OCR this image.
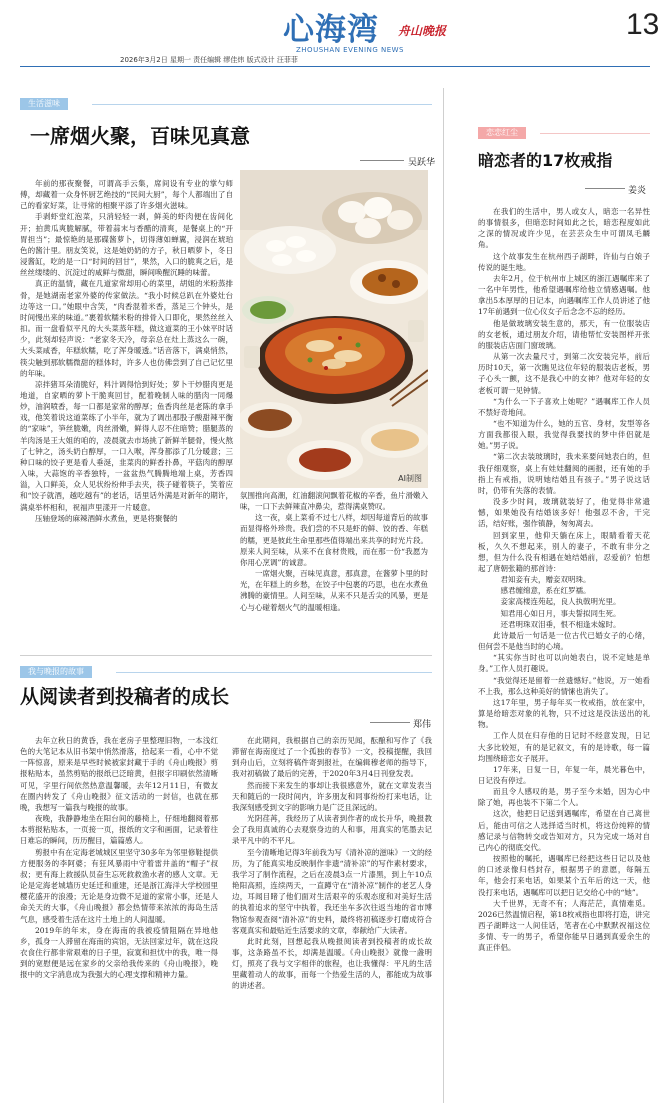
心海湾
ZHOUSHAN EVENING NEWS
舟山晚报	13
2026年3月2日 星期一 责任编辑 缪佳炜 版式设计 汪菲菲
生活滋味
一席烟火聚，百味见真意
吴跃华

年前的那夜聚餐，可谓高手云集，席间设有专业的掌勺师傅，却藏着一众身怀厨艺绝技的“民间大厨”，每个人都端出了自己的看家好菜，让寻常的相聚平添了许多烟火滋味。

手剥虾堂红泡菜，只消轻轻一剥，鲜美的虾肉便在齿间化开；拍黄瓜爽脆解腻，带着蒜末与香醋的清爽，是餐桌上的“开胃担当”；最惊艳的是那碟酱萝卜，切得薄如蝉翼，浸润在琥珀色的酱汁里。朋友笑说，这是她奶奶的方子，秋日晒萝卜，冬日浸酱缸，吃的是一口“时间的回甘”，果然，入口的脆爽之后，是丝丝缕缕的、沉淀过的咸鲜与微甜，瞬间唤醒沉睡的味蕾。

真正的温情，藏在几道家常却用心的菜里，胡姐的米粉蒸排骨，是她湖南老家外婆的传家做法。“我小时候总趴在外婆灶台边等这一口。”她眼中含笑，“肉香混着米香，蒸足三个钟头，是时间慢出来的味道。”裹着软糯米粉的排骨入口即化，果然丝丝入扣。而一盘看似平凡的大头菜蒸年糕，做这道菜的王小妹平时话少，此刻却轻声说：“老家冬天冷，母亲总在灶上蒸这么一碗，大头菜咸香，年糕软糯，吃了浑身暖透。”话音落下，满桌悄然，筷尖触到那软糯微甜的糕体时，许多人也仿佛尝到了自己记忆里的年味。

凉拌猪耳朵清脆好，料汁调得恰到好处；萝卜干炒腊肉更是地道，自家晒的萝卜干脆爽回甘，配着晚制人味的腊肉一同爆炒，油润喷香，每一口都是家常的醇厚；鱼香肉丝是老陈的拿手戏，他笑着说这道菜练了小半年，就为了调出那股子酸甜辣平衡的“家味”，笋丝脆嫩，肉丝滑嫩，鲜得人忍不住暗赞；腊腿蒸的羊肉汤是王大姐的咱的，凌晨就去市场挑了新鲜羊腿骨，慢火熬了七钟之，汤头奶白醇厚，一口入喉，浑身都添了几分暖意；三种口味的饺子更是看人垂涎，韭菜肉的鲜香扑鼻，平菇肉的醇厚入味，大蒜饱的辛香独特，一盆盆热气腾腾地端上桌，芳香四溢，入口鲜美，众人见状纷纷伸手去夹，筷子碰着筷子，笑着应和“饺子就酒，越吃越有”的老话，话里话外满是对新年的期许，满桌举杯相和，祝福声里漾开一片暖意。

压轴登场的麻辣酒鲜水煮鱼，更是将聚餐的

AI制图

氛围推向高潮，红油翻滚间飘着花椒的辛香，鱼片滑嫩入味，一口下去鲜辣直冲鼻尖，惹得满桌赞叹。

这一夜，桌上菜肴不过七八样，却因每道背后的故事而显得格外珍贵。我们尝的不只是虾的鲜、饺的香、年糕的糯，更是彼此生命里那些值得端出来共享的时光片段。原来人间至味，从来不在食材贵贱，而在那一份“我愿为你用心烹调”的诚意。

一席烟火聚，百味见真意，那真意，在酱萝卜里的时光，在年糕上的乡愁，在饺子中包裹的巧思，也在水煮鱼沸腾的豪情里。人间至味，从来不只是舌尖的风暴，更是心与心碰着烟火气的温暖相逢。

恋恋红尘
暗恋者的17枚戒指
姜炎

在我们的生活中，男人或女人，暗恋一名异性的事情很多，但暗恋时间如此之长，暗恋程度如此之深的情况或许少见，在芸芸众生中可谓凤毛麟角。

这个故事发生在杭州西子湖畔，许仙与白娘子传说的诞生地。

去年2月，位于杭州市上城区的浙江遇嘱库来了一名中年男性，他希望遇嘱库给他立情感遇嘱。他拿出5本厚厚的日记本，向遇嘱库工作人员讲述了他17年前遇到一位心仪女子后念念不忘的经历。

他是做玻璃安装生意的，那天，有一位服装店的女老板，通过朋友介绍，请他帮忙安装图样开张的服装店店面门窗玻璃。

从第一次去量尺寸，到第二次安装完毕，前后历时10天，第一次瞧见这位年轻的服装店老板，男子心头一颤，这不是我心中的女神？他对年轻的女老板可谓一见钟情。

“为什么一下子喜欢上她呢？”遇嘱库工作人员不禁好奇地问。

“也不知道为什么，她的五官、身材，发型等各方面我都很入眼，我觉得我要找的梦中伴侣就是她。”男子说。

“第二次去装玻璃时，我未来要问她表白的，但我仔细观察，桌上有娃娃翻阅的画报，还有她的手指上有戒指，说明她结婚且有孩子。”男子说这话时，仍带有失落的表情。

没多少时间，玻璃就装好了，他觉得非常遗憾，如果她没有结婚该多好！他强忍不舍，干完活，结好账，强作镇静，匆匆离去。

回到家里，他仰天躺在床上，眼睛看着天花板，久久不想起来，别人的妻子，不敢有非分之想，但为什么没有相遇在她结婚前，忍爱前？怕想起了唐朝张籍的那首诗：

君知妾有夫，赠妾双明珠。

感君缠绵意，系在红罗襦。

妾家高楼连苑起，良人执戟明光里。

知君用心如日月，事夫誓拟同生死。

还君明珠双泪垂，恨不相逢未嫁时。

此诗最后一句话是一位古代已婚女子的心绪，但何尝不是他当时的心境。

“其实你当时也可以向她表白，说不定她是单身。”工作人员打趣说。

“我觉得还是留着一丝遗憾好。”他说，万一她看不上我，那么这种美好的情愫也消失了。

这17年里，男子每年买一枚戒指，放在家中，算是给暗恋对象的礼物，只不过这是没法送出的礼物。

工作人员在归存他的日记时不经意发现，日记大多比较短，有的是记叙文，有的是诗歌，每一篇均围绕暗恋女子展开。

17年来，日复一日，年复一年，晨光暮色中，日记没有停过。

而且令人感叹的是，男子至今未婚，因为心中除了她，再也装不下第二个人。

这次，他把日记送到遇嘱库，希望在自己离世后，能由可信之人选择适当时机，将这份纯粹的情感记录与信物转交或告知对方，只为完成一场对自己内心的彻底交代。

按照他的嘱托，遇嘱库已经把这些日记以及他的口述录像归档封存，根据男子的意愿，每隔五年，他会打来电话，如果某个五年后的这一天，他没打来电话，遇嘱库可以把日记交给心中的“她”。

大千世界，无奇不有；人海茫茫，真情难觅。2026已然温情启程，第18枚戒指也即将打造，讲完西子湖畔这一人间佳话，笔者在心中默默祝福这位多情、专一的男子，希望你能早日遇到真爱余生的真正伴侣。

我与晚报的故事
从阅读者到投稿者的成长
郑伟

去年立秋日的黄昏，我在老房子里整理旧物，一本浅红色的大笔记本从旧书架中悄然滑落，拾起来一看，心中不觉一阵惊喜，原来是早些时候被家封藏于手的《舟山晚报》剪报粘贴本，虽然剪贴的报纸已泛暗黄，但报字印刷依然清晰可见，字里行间依然热意温馨暖，去年12月11日，有微友在圈内转发了《舟山晚报》征文活动的一封信，也就在那晚，我想写一篇我与晚报的故事。

夜晚，我静静地坐在阳台间的藤椅上，仔细地翻阅着那本剪报粘贴本，一页接一页，报纸的文字和画面，记录着往日难忘的瞬间，历历醒目，篇篇感人。

剪报中有在定海老城城区里坚守30多年为邻里修鞋提供方便服务的李阿婆；有狂风暴雨中守着雷井盖的“帽子”叔叔；更有海上救援队员奋生忘死救救渔水者的感人文章。无论是定海老城墙历史延迁和重建，还是浙江海洋大学校园里樱花盛开的浪漫；无论是身边微不足道的家常小事，还是人命关天的大事，《舟山晚报》都会热情带来浓浓的海岛生活气息，感受着生活在这片土地上的人间温暖。

2019年的年末，身在海南的我被疫情阻隔在异地他乡，孤身一人滞留在海南的宾馆，无法回家过年，就在这段衣食住行都非常艰难的日子里，寂寞和担忧中的我，唯一得到的宽慰便是远在家乡的父亲给我传来的《舟山晚报》，晚报中的文字消息成为我强大的心理支撑和精神力量。

在此期间，我根据自己的亲历见闻，酝酿和写作了《我滞留在海南度过了一个孤独的春节》一文，投稿提醒，我回到舟山后，立刻将稿件寄到报社，在编辑穆老师的指导下，我对初稿做了最后的完善，于2020年3月4日刊登发表。

然而接下来发生的事却让我很感意外，就在文章发表当天和随后的一段时间内，许多朋友和同事纷纷打来电话，让我深刻感受到文字的影响力是广泛且深远的。

光阴荏苒，我经历了从读者到作者的成长升华，晚报教会了我用真诚的心去观察身边的人和事，用真实的笔墨去记录平凡中的不平凡。

至今清晰地记得3年前我为写《清补凉的滋味》一文的经历，为了能真实地反映制作非遗“清补凉”的写作素材要求，我学习了制作流程，之后在凌晨3点一片漆黑，到上午10点艳阳高照，连续两天，一直蹲守在“清补凉”制作的老艺人身边，耳闻目睹了他们面对生活艰辛的乐观态度和对美好生活的执着追求的坚守中执着，我还坐车多次往返当地的省市博物馆参观查阅“清补凉”的史料，最终将初稿逐步打磨成符合客观真实和最贴近生活要求的文章，奉献给广大读者。

此时此刻，回想起我从晚报阅读者到投稿者的成长故事，这条路虽不长，却满是温暖。《舟山晚报》就像一盏明灯，照亮了我与文字相伴的旅程，也让我懂得：平凡的生活里藏着动人的故事，而每一个热爱生活的人，都能成为故事的讲述者。
